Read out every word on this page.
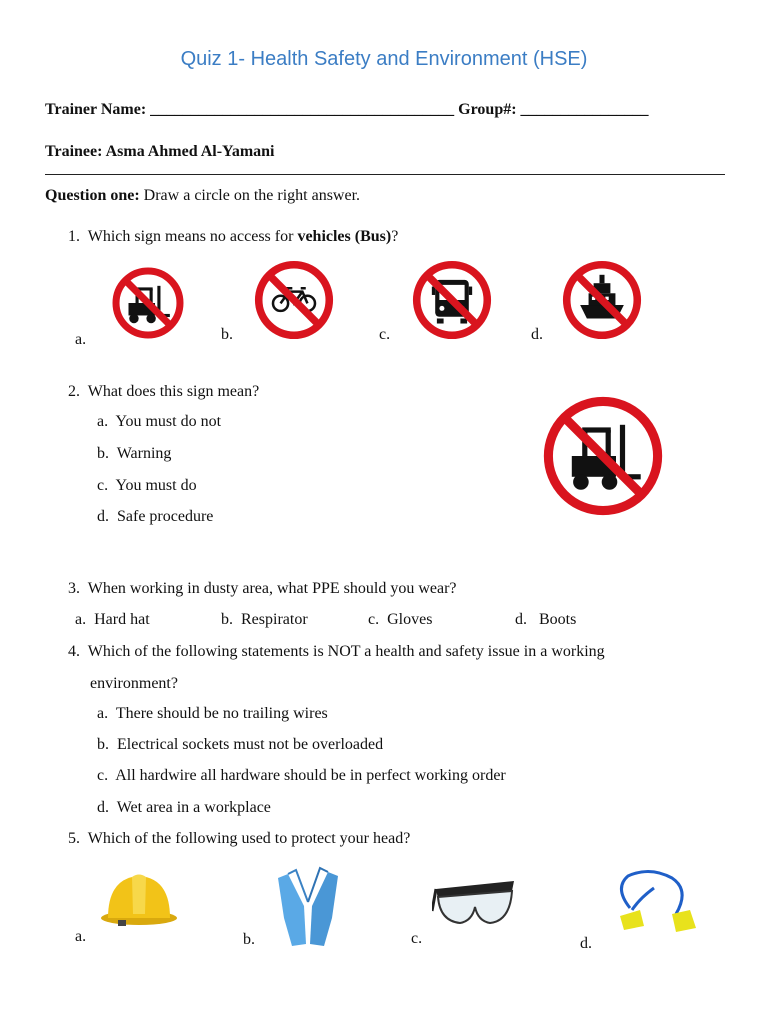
Quiz 1- Health Safety and Environment (HSE)
Trainer Name: ______________________________________ Group#: ________________
Trainee: Asma Ahmed Al-Yamani
Question one: Draw a circle on the right answer.
1. Which sign means no access for vehicles (Bus)?
a.	b.	c.	d.
2. What does this sign mean?
a. You must do not
b. Warning
c. You must do
d. Safe procedure
3. When working in dusty area, what PPE should you wear?
a. Hard hat	b. Respirator	c. Gloves	d. Boots
4. Which of the following statements is NOT a health and safety issue in a working
environment?
a. There should be no trailing wires
b. Electrical sockets must not be overloaded
c. All hardwire all hardware should be in perfect working order
d. Wet area in a workplace
5. Which of the following used to protect your head?
a.	b.	c.	d.
